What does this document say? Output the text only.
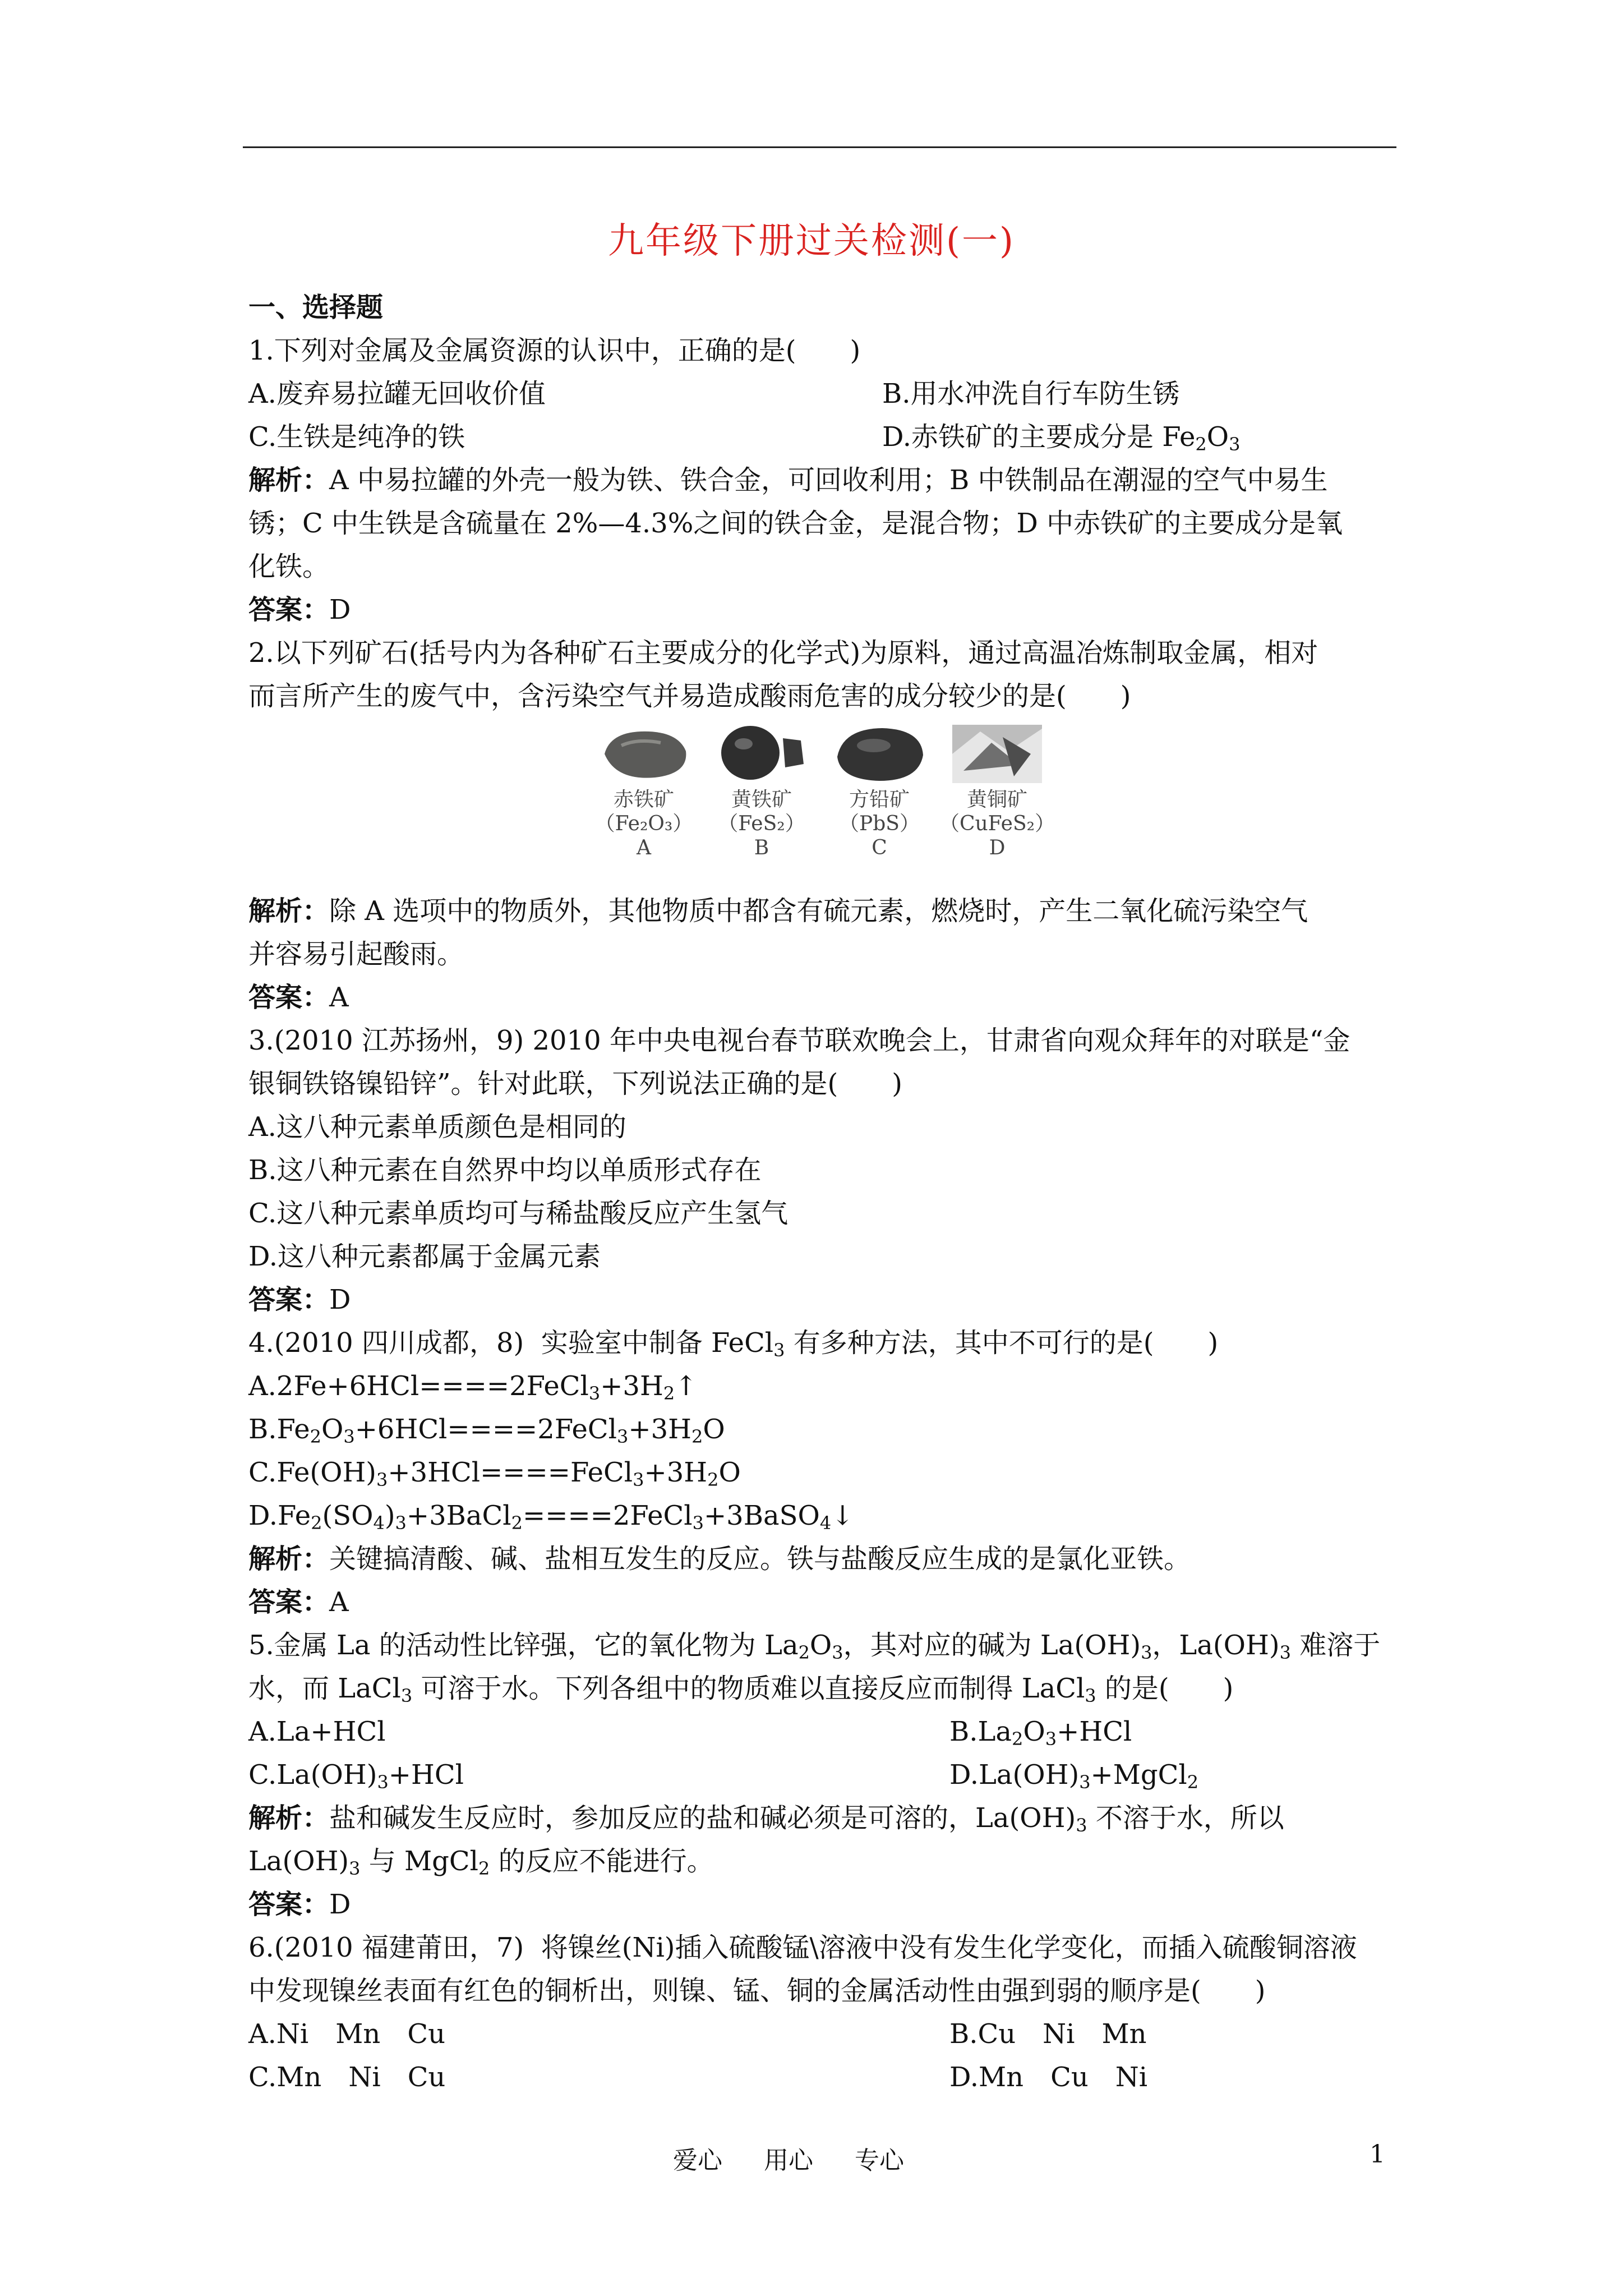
九年级下册过关检测(一)
一、选择题
1.下列对金属及金属资源的认识中，正确的是(　　)
A.废弃易拉罐无回收价值	B.用水冲洗自行车防生锈
C.生铁是纯净的铁	D.赤铁矿的主要成分是 $Fe_2O_3$
解析：A 中易拉罐的外壳一般为铁、铁合金，可回收利用；B 中铁制品在潮湿的空气中易生
锈；C 中生铁是含硫量在 2%—4.3%之间的铁合金，是混合物；D 中赤铁矿的主要成分是氧
化铁。
答案：D
2.以下列矿石(括号内为各种矿石主要成分的化学式)为原料，通过高温冶炼制取金属，相对
而言所产生的废气中，含污染空气并易造成酸雨危害的成分较少的是(　　)
赤铁矿
（Fe₂O₃）
A
黄铁矿
（FeS₂）
B
方铅矿
（PbS）
C
黄铜矿
（CuFeS₂）
D
解析：除 A 选项中的物质外，其他物质中都含有硫元素，燃烧时，产生二氧化硫污染空气
并容易引起酸雨。
答案：A
3.(2010 江苏扬州，9) 2010 年中央电视台春节联欢晚会上，甘肃省向观众拜年的对联是“金
银铜铁铬镍铅锌”。针对此联，下列说法正确的是(　　)
A.这八种元素单质颜色是相同的
B.这八种元素在自然界中均以单质形式存在
C.这八种元素单质均可与稀盐酸反应产生氢气
D.这八种元素都属于金属元素
答案：D
4.(2010 四川成都，8)  实验室中制备 FeCl$_3$ 有多种方法，其中不可行的是(　　)
$A.2Fe+6HCl====2FeCl_3+3H_2↑$
$B.Fe_2O_3+6HCl====2FeCl_3+3H_2O$
$C.Fe(OH)_3+3HCl====FeCl_3+3H_2O$
$D.Fe_2(SO_4)_3+3BaCl_2====2FeCl_3+3BaSO_4↓$
解析：关键搞清酸、碱、盐相互发生的反应。铁与盐酸反应生成的是氯化亚铁。
答案：A
5.金属 La 的活动性比锌强，它的氧化物为 $La_2O_3$，其对应的碱为 $La(OH)_3$，$La(OH)_3$ 难溶于
水，而 LaCl$_3$ 可溶于水。下列各组中的物质难以直接反应而制得 LaCl$_3$ 的是(　　)
A.La+HCl	$B.La_2O_3+HCl$
$C.La(OH)_3+HCl$	$D.La(OH)_3+MgCl_2$
解析：盐和碱发生反应时，参加反应的盐和碱必须是可溶的，$La(OH)_3$ 不溶于水，所以
$La(OH)_3$ 与 MgCl$_2$ 的反应不能进行。
答案：D
6.(2010 福建莆田，7)  将镍丝(Ni)插入硫酸锰\溶液中没有发生化学变化，而插入硫酸铜溶液
中发现镍丝表面有红色的铜析出，则镍、锰、铜的金属活动性由强到弱的顺序是(　　)
A.Ni　Mn　Cu	B.Cu　Ni　Mn
C.Mn　Ni　Cu	D.Mn　Cu　Ni
爱心 用心 专心	1
